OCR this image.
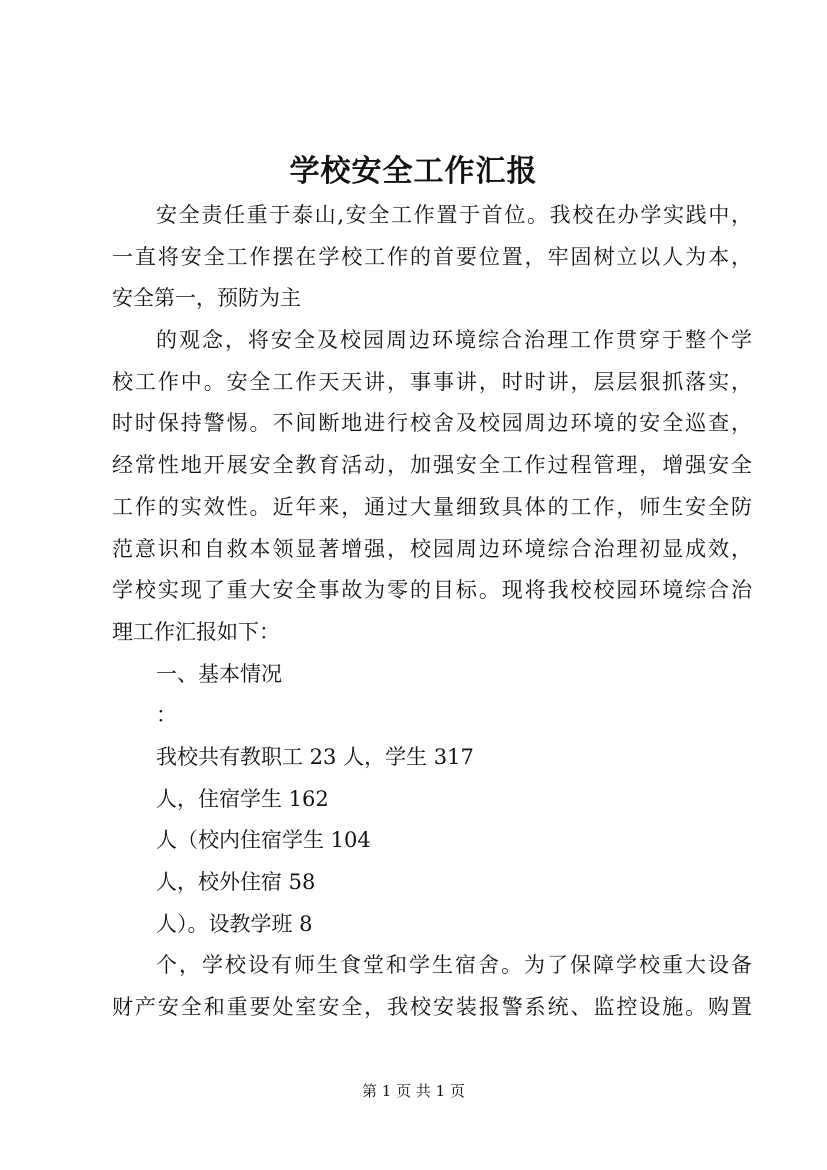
学校安全工作汇报
安全责任重于泰山,安全工作置于首位。我校在办学实践中，
一直将安全工作摆在学校工作的首要位置，牢固树立以人为本，
安全第一，预防为主
的观念，将安全及校园周边环境综合治理工作贯穿于整个学
校工作中。安全工作天天讲，事事讲，时时讲，层层狠抓落实，
时时保持警惕。不间断地进行校舍及校园周边环境的安全巡查，
经常性地开展安全教育活动，加强安全工作过程管理，增强安全
工作的实效性。近年来，通过大量细致具体的工作，师生安全防
范意识和自救本领显著增强，校园周边环境综合治理初显成效，
学校实现了重大安全事故为零的目标。现将我校校园环境综合治
理工作汇报如下：
一、基本情况
：
我校共有教职工 23 人，学生 317
人，住宿学生 162
人（校内住宿学生 104
人，校外住宿 58
人）。设教学班 8
个，学校设有师生食堂和学生宿舍。为了保障学校重大设备
财产安全和重要处室安全，我校安装报警系统、监控设施。购置
第 1 页 共 1 页
